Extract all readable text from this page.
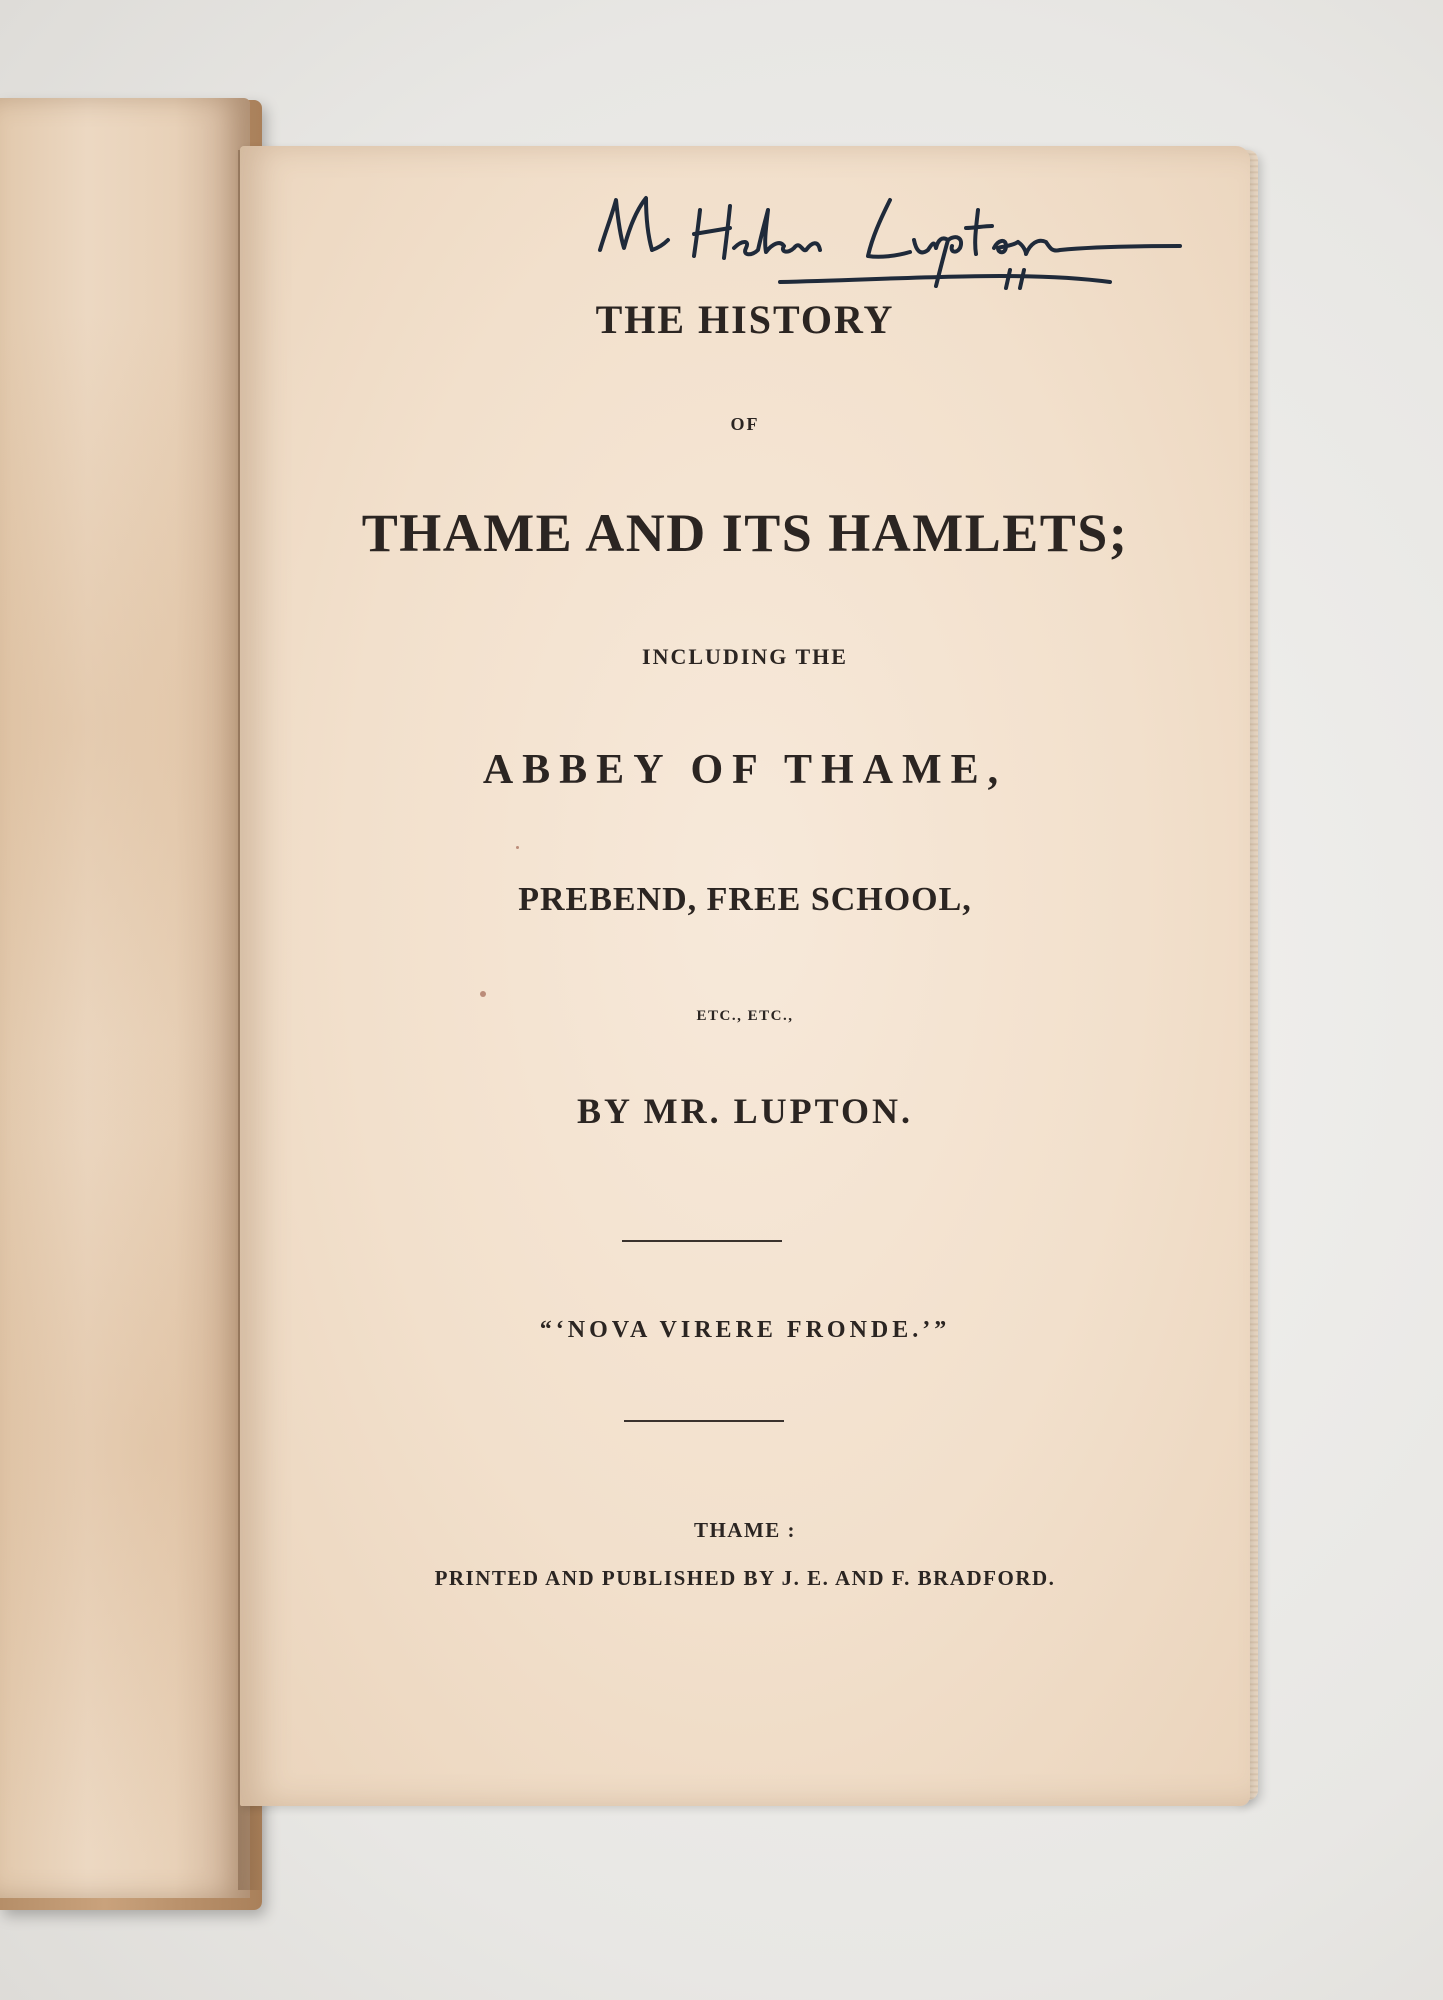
THE HISTORY

OF

THAME AND ITS HAMLETS;

INCLUDING THE

ABBEY OF THAME,

PREBEND, FREE SCHOOL,

ETC., ETC.,

BY MR. LUPTON.

“‘NOVA VIRERE FRONDE.’”

THAME :

PRINTED AND PUBLISHED BY J. E. AND F. BRADFORD.
